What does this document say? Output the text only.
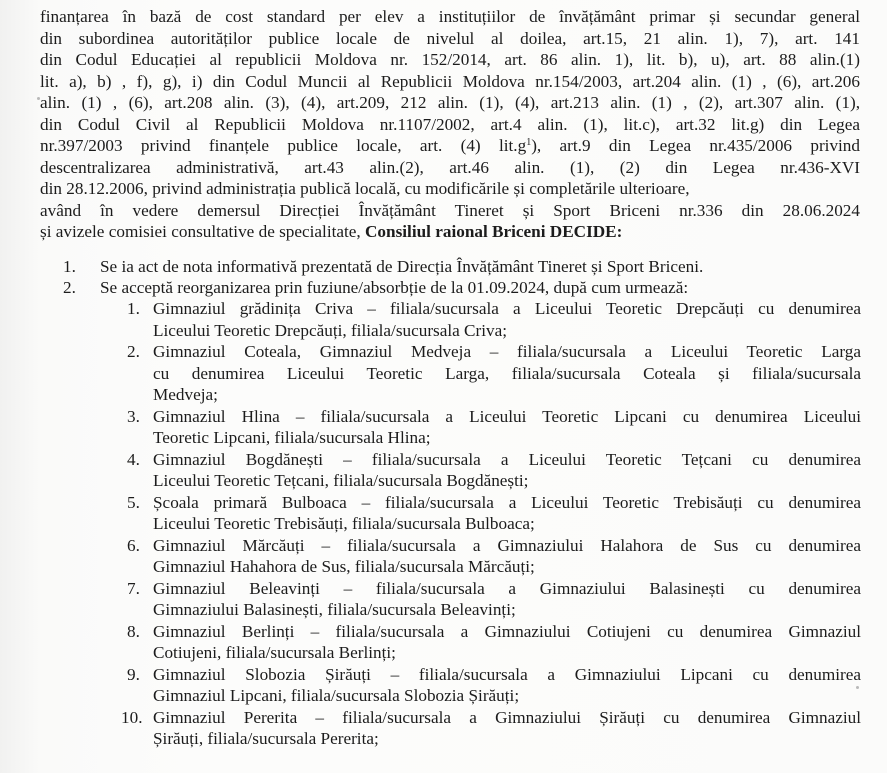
finanțarea în bază de cost standard per elev a instituțiilor de învățământ primar și secundar general
din subordinea autorităților publice locale de nivelul al doilea, art.15, 21 alin. 1), 7), art. 141
din Codul Educației al republicii Moldova nr. 152/2014, art. 86 alin. 1), lit. b), u), art. 88 alin.(1)
lit. a), b) , f), g), i) din Codul Muncii al Republicii Moldova nr.154/2003, art.204 alin. (1) , (6), art.206
alin. (1) , (6), art.208 alin. (3), (4), art.209, 212 alin. (1), (4), art.213 alin. (1) , (2), art.307 alin. (1),
din Codul Civil al Republicii Moldova nr.1107/2002, art.4 alin. (1), lit.c), art.32 lit.g) din Legea
nr.397/2003 privind finanțele publice locale, art. (4) $lit.g^1$), art.9 din Legea nr.435/2006 privind
descentralizarea administrativă, art.43 alin.(2), art.46 alin. (1), (2) din Legea nr.436-XVI
din 28.12.2006, privind administrația publică locală, cu modificările și completările ulterioare,
având în vedere demersul Direcției Învățământ Tineret și Sport Briceni nr.336 din 28.06.2024
și avizele comisiei consultative de specialitate, Consiliul raional Briceni DECIDE:
1. Se ia act de nota informativă prezentată de Direcția Învățământ Tineret și Sport Briceni.
2. Se acceptă reorganizarea prin fuziune/absorbție de la 01.09.2024, după cum urmează:
1. Gimnaziul grădinița Criva – filiala/sucursala a Liceului Teoretic Drepcăuți cu denumirea
Liceului Teoretic Drepcăuți, filiala/sucursala Criva;
2. Gimnaziul Coteala, Gimnaziul Medveja – filiala/sucursala a Liceului Teoretic Larga
cu denumirea Liceului Teoretic Larga, filiala/sucursala Coteala și filiala/sucursala
Medveja;
3. Gimnaziul Hlina – filiala/sucursala a Liceului Teoretic Lipcani cu denumirea Liceului
Teoretic Lipcani, filiala/sucursala Hlina;
4. Gimnaziul Bogdănești – filiala/sucursala a Liceului Teoretic Tețcani cu denumirea
Liceului Teoretic Tețcani, filiala/sucursala Bogdănești;
5. Școala primară Bulboaca – filiala/sucursala a Liceului Teoretic Trebisăuți cu denumirea
Liceului Teoretic Trebisăuți, filiala/sucursala Bulboaca;
6. Gimnaziul Mărcăuți – filiala/sucursala a Gimnaziului Halahora de Sus cu denumirea
Gimnaziul Hahahora de Sus, filiala/sucursala Mărcăuți;
7. Gimnaziul Beleavinți – filiala/sucursala a Gimnaziului Balasinești cu denumirea
Gimnaziului Balasinești, filiala/sucursala Beleavinți;
8. Gimnaziul Berlinți – filiala/sucursala a Gimnaziului Cotiujeni cu denumirea Gimnaziul
Cotiujeni, filiala/sucursala Berlinți;
9. Gimnaziul Slobozia Șirăuți – filiala/sucursala a Gimnaziului Lipcani cu denumirea
Gimnaziul Lipcani, filiala/sucursala Slobozia Șirăuți;
10. Gimnaziul Pererita – filiala/sucursala a Gimnaziului Șirăuți cu denumirea Gimnaziul
Șirăuți, filiala/sucursala Pererita;
